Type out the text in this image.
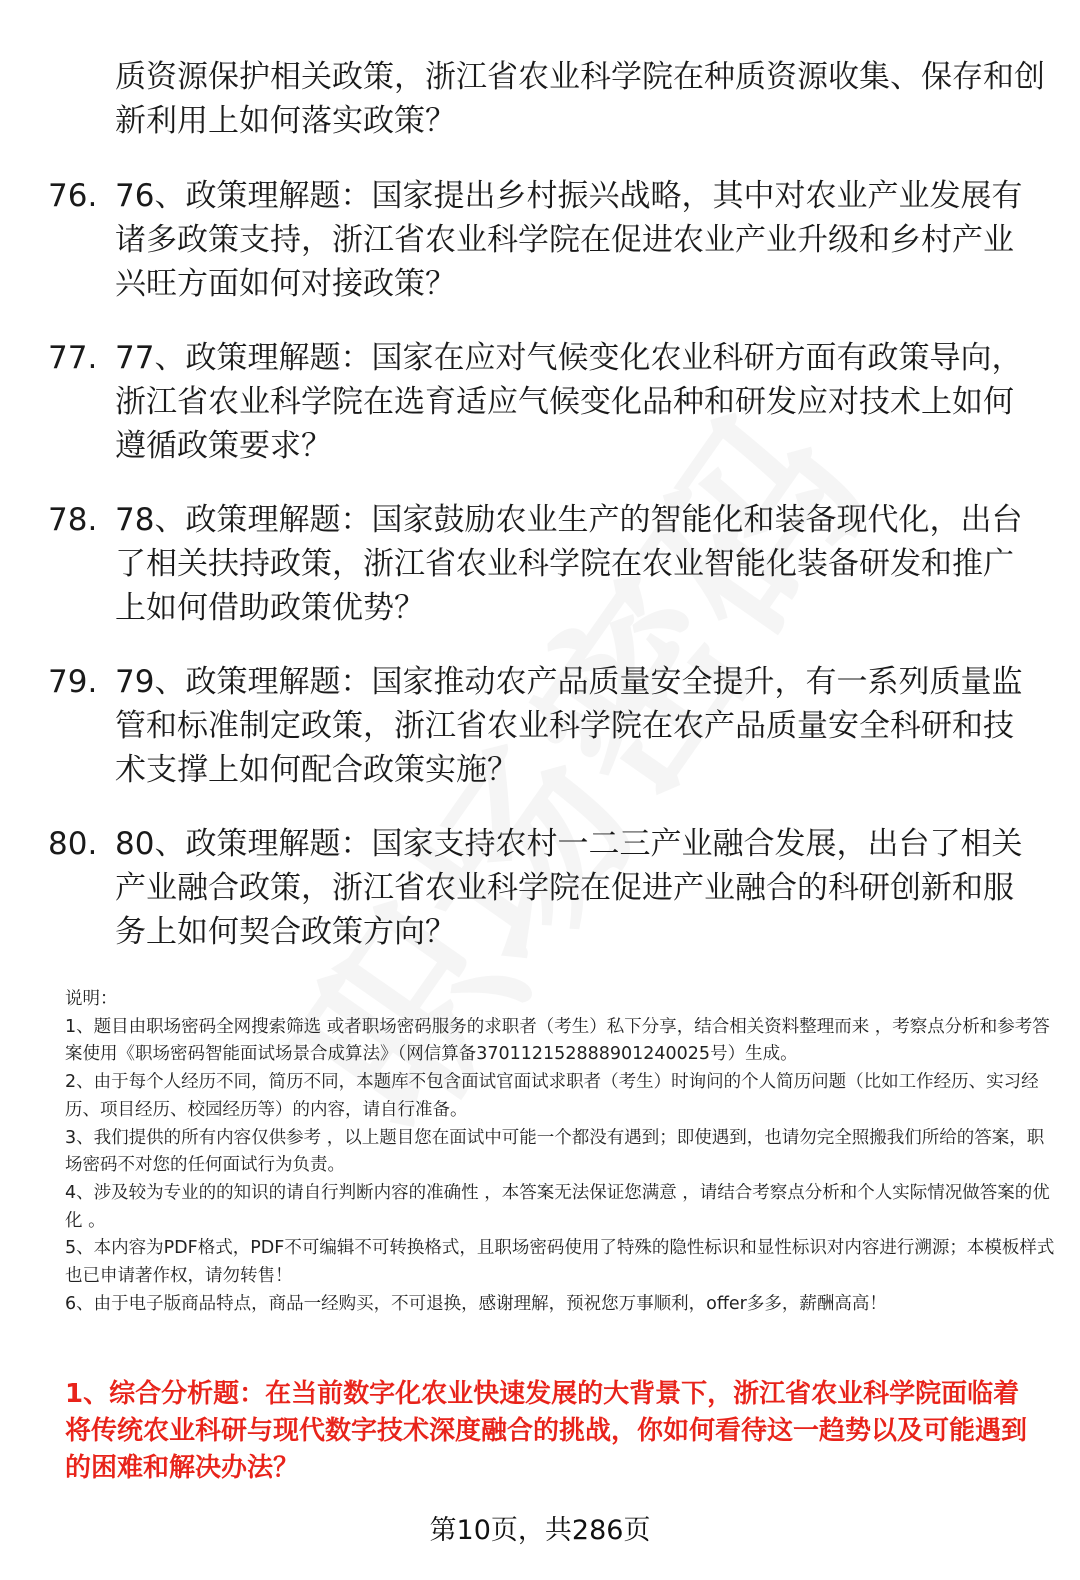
质资源保护相关政策，浙江省农业科学院在种质资源收集、保存和创新利用上如何落实政策？
76. 76、政策理解题：国家提出乡村振兴战略，其中对农业产业发展有诸多政策支持，浙江省农业科学院在促进农业产业升级和乡村产业兴旺方面如何对接政策？
77. 77、政策理解题：国家在应对气候变化农业科研方面有政策导向，浙江省农业科学院在选育适应气候变化品种和研发应对技术上如何遵循政策要求？
78. 78、政策理解题：国家鼓励农业生产的智能化和装备现代化，出台了相关扶持政策，浙江省农业科学院在农业智能化装备研发和推广上如何借助政策优势？
79. 79、政策理解题：国家推动农产品质量安全提升，有一系列质量监管和标准制定政策，浙江省农业科学院在农产品质量安全科研和技术支撑上如何配合政策实施？
80. 80、政策理解题：国家支持农村一二三产业融合发展，出台了相关产业融合政策，浙江省农业科学院在促进产业融合的科研创新和服务上如何契合政策方向？

说明：

1、题目由职场密码全网搜索筛选 或者职场密码服务的求职者（考生）私下分享，结合相关资料整理而来 ，考察点分析和参考答案使用《职场密码智能面试场景合成算法》（网信算备370112152888901240025号）生成。

2、由于每个人经历不同，简历不同，本题库不包含面试官面试求职者（考生）时询问的个人简历问题（比如工作经历、实习经历、项目经历、校园经历等）的内容，请自行准备。

3、我们提供的所有内容仅供参考 ，以上题目您在面试中可能一个都没有遇到；即使遇到，也请勿完全照搬我们所给的答案，职场密码不对您的任何面试行为负责。

4、涉及较为专业的的知识的请自行判断内容的准确性 ，本答案无法保证您满意 ，请结合考察点分析和个人实际情况做答案的优化 。

5、本内容为PDF格式，PDF不可编辑不可转换格式，且职场密码使用了特殊的隐性标识和显性标识对内容进行溯源；本模板样式也已申请著作权，请勿转售！

6、由于电子版商品特点，商品一经购买，不可退换，感谢理解，预祝您万事顺利，offer多多，薪酬高高！

1、综合分析题：在当前数字化农业快速发展的大背景下，浙江省农业科学院面临着将传统农业科研与现代数字技术深度融合的挑战，你如何看待这一趋势以及可能遇到的困难和解决办法？
第10页，共286页
